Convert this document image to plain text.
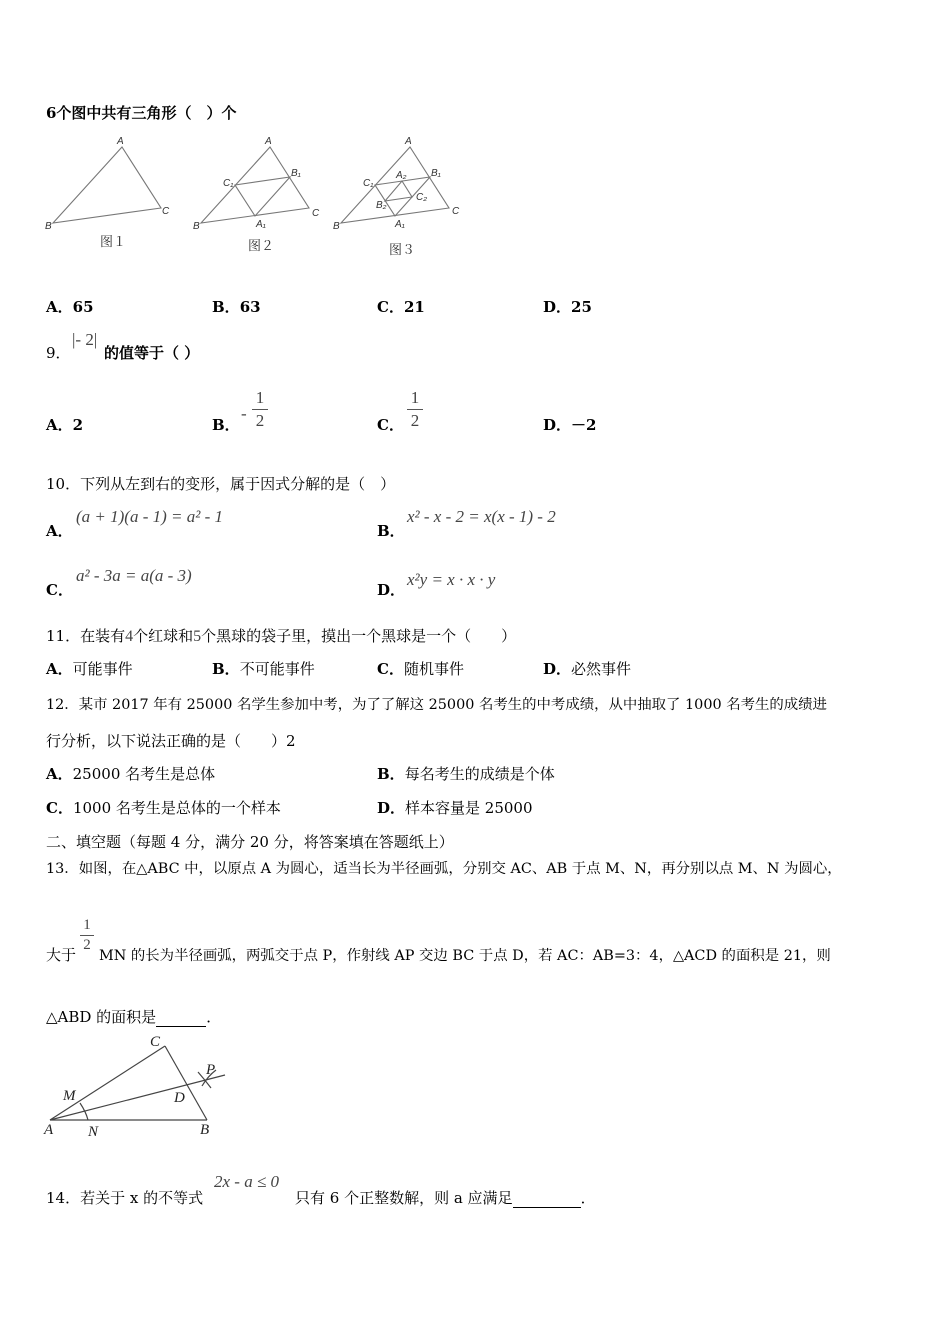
6个图中共有三角形（　）个
A
B
C
A
B
C
B₁
C₁
A₁
A
B
C
B₁
C₁
A₁
A₂
B₂
C₂
图１	图２	图３
A．65	B．63	C．21	D．25
9．
|- 2|
的值等于（ ）
A．2	B．
-
1
2	C．
1
2	D．－2
10．下列从左到右的变形，属于因式分解的是（　）
A．
(a + 1)(a - 1) = a² - 1
B．
x² - x - 2 = x(x - 1) - 2
C．
a² - 3a = a(a - 3)
D．
x²y = x · x · y
11．在装有4个红球和5个黑球的袋子里，摸出一个黑球是一个（　　）
A．可能事件	B．不可能事件	C．随机事件	D．必然事件
12．某市 2017 年有 25000 名学生参加中考，为了了解这 25000 名考生的中考成绩，从中抽取了 1000 名考生的成绩进
行分析，以下说法正确的是（　　）2
A．25000 名考生是总体	B．每名考生的成绩是个体
C．1000 名考生是总体的一个样本	D．样本容量是 25000
二、填空题（每题 4 分，满分 20 分，将答案填在答题纸上）
13．如图，在△ABC 中，以原点 A 为圆心，适当长为半径画弧，分别交 AC、AB 于点 M、N，再分别以点 M、N 为圆心，
大于
1
2
MN 的长为半径画弧，两弧交于点 P，作射线 AP 交边 BC 于点 D，若 AC：AB=3：4，△ACD 的面积是 21，则
△ABD 的面积是	．
A	B
C
D
M
N
P
14．若关于 x 的不等式
2x - a ≤ 0
只有 6 个正整数解，则 a 应满足	．
